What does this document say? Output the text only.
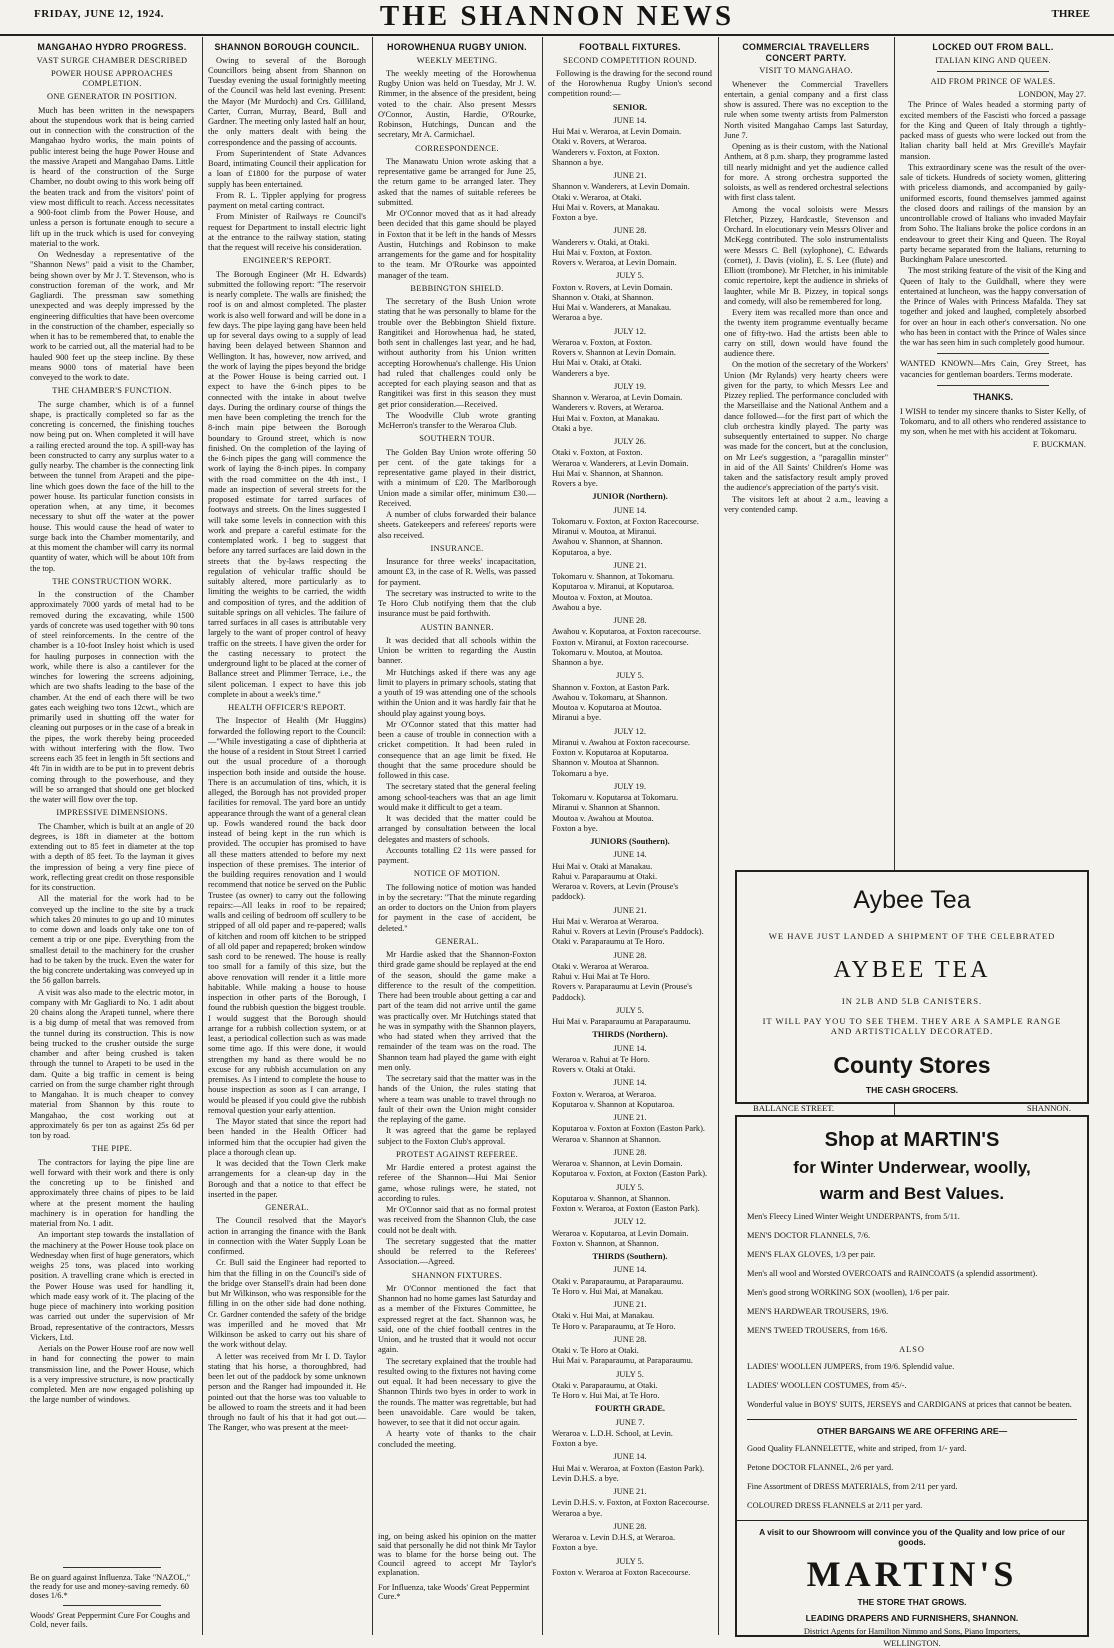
FRIDAY, JUNE 12, 1924.	THE SHANNON NEWS	THREE
MANGAHAO HYDRO PROGRESS.
VAST SURGE CHAMBER DESCRIBED
POWER HOUSE APPROACHES COMPLETION.
ONE GENERATOR IN POSITION.

Much has been written in the newspapers about the stupendous work that is being carried out in connection with the construction of the Mangahao hydro works, the main points of public interest being the huge Power House and the massive Arapeti and Mangahao Dams. Little is heard of the construction of the Surge Chamber, no doubt owing to this work being off the beaten track and from the visitors' point of view most difficult to reach. Access necessitates a 900-foot climb from the Power House, and unless a person is fortunate enough to secure a lift up in the truck which is used for conveying material to the work.

On Wednesday a representative of the "Shannon News" paid a visit to the Chamber, being shown over by Mr J. T. Stevenson, who is construction foreman of the work, and Mr Gagliardi. The pressman saw something unexpected and was deeply impressed by the engineering difficulties that have been overcome in the construction of the chamber, especially so when it has to be remembered that, to enable the work to be carried out, all the material had to be hauled 900 feet up the steep incline. By these means 9000 tons of material have been conveyed to the work to date.

THE CHAMBER'S FUNCTION.

The surge chamber, which is of a funnel shape, is practically completed so far as the concreting is concerned, the finishing touches now being put on. When completed it will have a railing erected around the top. A spill-way has been constructed to carry any surplus water to a gully nearby. The chamber is the connecting link between the tunnel from Arapeti and the pipe-line which goes down the face of the hill to the power house. Its particular function consists in operation when, at any time, it becomes necessary to shut off the water at the power house. This would cause the head of water to surge back into the Chamber momentarily, and at this moment the chamber will carry its normal quantity of water, which will be about 10ft from the top.

THE CONSTRUCTION WORK.

In the construction of the Chamber approximately 7000 yards of metal had to be removed during the excavating, while 1500 yards of concrete was used together with 90 tons of steel reinforcements. In the centre of the chamber is a 10-foot Insley hoist which is used for hauling purposes in connection with the work, while there is also a cantilever for the winches for lowering the screens adjoining, which are two shafts leading to the base of the chamber. At the end of each there will be two gates each weighing two tons 12cwt., which are primarily used in shutting off the water for cleaning out purposes or in the case of a break in the pipes, the work thereby being proceeded with without interfering with the flow. Two screens each 35 feet in length in 5ft sections and 4ft 7in in width are to be put in to prevent debris coming through to the powerhouse, and they will be so arranged that should one get blocked the water will flow over the top.

IMPRESSIVE DIMENSIONS.

The Chamber, which is built at an angle of 20 degrees, is 18ft in diameter at the bottom extending out to 85 feet in diameter at the top with a depth of 85 feet. To the layman it gives the impression of being a very fine piece of work, reflecting great credit on those responsible for its construction.

All the material for the work had to be conveyed up the incline to the site by a truck which takes 20 minutes to go up and 10 minutes to come down and loads only take one ton of cement a trip or one pipe. Everything from the smallest detail to the machinery for the crusher had to be taken by the truck. Even the water for the big concrete undertaking was conveyed up in the 56 gallon barrels.

A visit was also made to the electric motor, in company with Mr Gagliardi to No. 1 adit about 20 chains along the Arapeti tunnel, where there is a big dump of metal that was removed from the tunnel during its construction. This is now being trucked to the crusher outside the surge chamber and after being crushed is taken through the tunnel to Arapeti to be used in the dam. Quite a big traffic in cement is being carried on from the surge chamber right through to Mangahao. It is much cheaper to convey material from Shannon by this route to Mangahao, the cost working out at approximately 6s per ton as against 25s 6d per ton by road.

THE PIPE.

The contractors for laying the pipe line are well forward with their work and there is only the concreting up to be finished and approximately three chains of pipes to be laid where at the present moment the hauling machinery is in operation for handling the material from No. 1 adit.

An important step towards the installation of the machinery at the Power House took place on Wednesday when first of huge generators, which weighs 25 tons, was placed into working position. A travelling crane which is erected in the Power House was used for handling it, which made easy work of it. The placing of the huge piece of machinery into working position was carried out under the supervision of Mr Broad, representative of the contractors, Messrs Vickers, Ltd.

Aerials on the Power House roof are now well in hand for connecting the power to main transmission line, and the Power House, which is a very impressive structure, is now practically completed. Men are now engaged polishing up the large number of windows.

Be on guard against Influenza. Take "NAZOL," the ready for use and money-saving remedy. 60 doses 1/6.*
Woods' Great Peppermint Cure For Coughs and Cold, never fails.
SHANNON BOROUGH COUNCIL.

Owing to several of the Borough Councillors being absent from Shannon on Tuesday evening the usual fortnightly meeting of the Council was held last evening. Present: the Mayor (Mr Murdoch) and Crs. Gilliland, Carter, Curran, Murray, Beard, Bull and Gardner. The meeting only lasted half an hour, the only matters dealt with being the correspondence and the passing of accounts.

From Superintendent of State Advances Board, intimating Council their application for a loan of £1800 for the purpose of water supply has been entertained.

From R. L. Tippler applying for progress payment on metal carting contract.

From Minister of Railways re Council's request for Department to install electric light at the entrance to the railway station, stating that the request will receive his consideration.

ENGINEER'S REPORT.

The Borough Engineer (Mr H. Edwards) submitted the following report: "The reservoir is nearly complete. The walls are finished; the roof is on and almost completed. The plaster work is also well forward and will be done in a few days. The pipe laying gang have been held up for several days owing to a supply of lead having been delayed between Shannon and Wellington. It has, however, now arrived, and the work of laying the pipes beyond the bridge at the Power House is being carried out. I expect to have the 6-inch pipes to be connected with the intake in about twelve days. During the ordinary course of things the men have been completing the trench for the 8-inch main pipe between the Borough boundary to Ground street, which is now finished. On the completion of the laying of the 6-inch pipes the gang will commence the work of laying the 8-inch pipes. In company with the road committee on the 4th inst., I made an inspection of several streets for the proposed estimate for tarred surfaces of footways and streets. On the lines suggested I will take some levels in connection with this work and prepare a careful estimate for the contemplated work. I beg to suggest that before any tarred surfaces are laid down in the streets that the by-laws respecting the regulation of vehicular traffic should be suitably altered, more particularly as to limiting the weights to be carried, the width and composition of tyres, and the addition of suitable springs on all vehicles. The failure of tarred surfaces in all cases is attributable very largely to the want of proper control of heavy traffic on the streets. I have given the order for the casting necessary to protect the underground light to be placed at the corner of Ballance street and Plimmer Terrace, i.e., the silent policeman. I expect to have this job complete in about a week's time."

HEALTH OFFICER'S REPORT.

The Inspector of Health (Mr Huggins) forwarded the following report to the Council:—"While investigating a case of diphtheria at the house of a resident in Stout Street I carried out the usual procedure of a thorough inspection both inside and outside the house. There is an accumulation of tins, which, it is alleged, the Borough has not provided proper facilities for removal. The yard bore an untidy appearance through the want of a general clean up. Fowls wandered round the back door instead of being kept in the run which is provided. The occupier has promised to have all these matters attended to before my next inspection of these premises. The interior of the building requires renovation and I would recommend that notice be served on the Public Trustee (as owner) to carry out the following repairs:—All leaks in roof to be repaired; walls and ceiling of bedroom off scullery to be stripped of all old paper and re-papered; walls of kitchen and room off kitchen to be stripped of all old paper and repapered; broken window sash cord to be renewed. The house is really too small for a family of this size, but the above renovation will render it a little more habitable. While making a house to house inspection in other parts of the Borough, I found the rubbish question the biggest trouble. I would suggest that the Borough should arrange for a rubbish collection system, or at least, a periodical collection such as was made some time ago. If this were done, it would strengthen my hand as there would be no excuse for any rubbish accumulation on any premises. As I intend to complete the house to house inspection as soon as I can arrange, I would be pleased if you could give the rubbish removal question your early attention.

The Mayor stated that since the report had been handed in the Health Officer had informed him that the occupier had given the place a thorough clean up.

It was decided that the Town Clerk make arrangements for a clean-up day in the Borough and that a notice to that effect be inserted in the paper.

GENERAL.

The Council resolved that the Mayor's action in arranging the finance with the Bank in connection with the Water Supply Loan be confirmed.

Cr. Bull said the Engineer had reported to him that the filling in on the Council's side of the bridge over Stansell's drain had been done but Mr Wilkinson, who was responsible for the filling in on the other side had done nothing. Cr. Gardner contended the safety of the bridge was imperilled and he moved that Mr Wilkinson be asked to carry out his share of the work without delay.

A letter was received from Mr I. D. Taylor stating that his horse, a thoroughbred, had been let out of the paddock by some unknown person and the Ranger had impounded it. He pointed out that the horse was too valuable to be allowed to roam the streets and it had been through no fault of his that it had got out.—The Ranger, who was present at the meet-

HOROWHENUA RUGBY UNION.
WEEKLY MEETING.

The weekly meeting of the Horowhenua Rugby Union was held on Tuesday, Mr J. W. Rimmer, in the absence of the president, being voted to the chair. Also present Messrs O'Connor, Austin, Hardie, O'Rourke, Robinson, Hutchings, Duncan and the secretary, Mr A. Carmichael.

CORRESPONDENCE.

The Manawatu Union wrote asking that a representative game be arranged for June 25, the return game to be arranged later. They asked that the names of suitable referees be submitted.

Mr O'Connor moved that as it had already been decided that this game should be played in Foxton that it be left in the hands of Messrs Austin, Hutchings and Robinson to make arrangements for the game and for hospitality to the team. Mr O'Rourke was appointed manager of the team.

BEBBINGTON SHIELD.

The secretary of the Bush Union wrote stating that he was personally to blame for the trouble over the Bebbington Shield fixture. Rangitikei and Horowhenua had, he stated, both sent in challenges last year, and he had, without authority from his Union written accepting Horowhenua's challenge. His Union had ruled that challenges could only be accepted for each playing season and that as Rangitikei was first in this season they must get prior consideration.—Received.

The Woodville Club wrote granting McHerron's transfer to the Weraroa Club.

SOUTHERN TOUR.

The Golden Bay Union wrote offering 50 per cent. of the gate takings for a representative game played in their district, with a minimum of £20. The Marlborough Union made a similar offer, minimum £30.—Received.

A number of clubs forwarded their balance sheets. Gatekeepers and referees' reports were also received.

INSURANCE.

Insurance for three weeks' incapacitation, amount £3, in the case of R. Wells, was passed for payment.

The secretary was instructed to write to the Te Horo Club notifying them that the club insurance must be paid forthwith.

AUSTIN BANNER.

It was decided that all schools within the Union be written to regarding the Austin banner.

Mr Hutchings asked if there was any age limit to players in primary schools, stating that a youth of 19 was attending one of the schools within the Union and it was hardly fair that he should play against young boys.

Mr O'Connor stated that this matter had been a cause of trouble in connection with a cricket competition. It had been ruled in consequence that an age limit be fixed. He thought that the same procedure should be followed in this case.

The secretary stated that the general feeling among school-teachers was that an age limit would make it difficult to get a team.

It was decided that the matter could be arranged by consultation between the local delegates and masters of schools.

Accounts totalling £2 11s were passed for payment.

NOTICE OF MOTION.

The following notice of motion was handed in by the secretary: "That the minute regarding an order to doctors on the Union from players for payment in the case of accident, be deleted."

GENERAL.

Mr Hardie asked that the Shannon-Foxton third grade game should be replayed at the end of the season, should the game make a difference to the result of the competition. There had been trouble about getting a car and part of the team did not arrive until the game was practically over. Mr Hutchings stated that he was in sympathy with the Shannon players, who had stated when they arrived that the remainder of the team was on the road. The Shannon team had played the game with eight men only.

The secretary said that the matter was in the hands of the Union, the rules stating that where a team was unable to travel through no fault of their own the Union might consider the replaying of the game.

It was agreed that the game be replayed subject to the Foxton Club's approval.

PROTEST AGAINST REFEREE.

Mr Hardie entered a protest against the referee of the Shannon—Hui Mai Senior game, whose rulings were, he stated, not according to rules.

Mr O'Connor said that as no formal protest was received from the Shannon Club, the case could not be dealt with.

The secretary suggested that the matter should be referred to the Referees' Association.—Agreed.

SHANNON FIXTURES.

Mr O'Connor mentioned the fact that Shannon had no home games last Saturday and as a member of the Fixtures Committee, he expressed regret at the fact. Shannon was, he said, one of the chief football centres in the Union, and he trusted that it would not occur again.

The secretary explained that the trouble had resulted owing to the fixtures not having come out equal. It had been necessary to give the Shannon Thirds two byes in order to work in the rounds. The matter was regrettable, but had been unavoidable. Care would be taken, however, to see that it did not occur again.

A hearty vote of thanks to the chair concluded the meeting.

ing, on being asked his opinion on the matter said that personally he did not think Mr Taylor was to blame for the horse being out. The Council agreed to accept Mr Taylor's explanation.
For Influenza, take Woods' Great Peppermint Cure.*
FOOTBALL FIXTURES.
SECOND COMPETITION ROUND.

Following is the drawing for the second round of the Horowhenua Rugby Union's second competition round:—

SENIOR.
JUNE 14.
Hui Mai v. Weraroa, at Levin Domain.
Otaki v. Rovers, at Weraroa.
Wanderers v. Foxton, at Foxton.
Shannon a bye.
JUNE 21.
Shannon v. Wanderers, at Levin Domain.
Otaki v. Weraroa, at Otaki.
Hui Mai v. Rovers, at Manakau.
Foxton a bye.
JUNE 28.
Wanderers v. Otaki, at Otaki.
Hui Mai v. Foxton, at Foxton.
Rovers v. Weraroa, at Levin Domain.
JULY 5.
Foxton v. Rovers, at Levin Domain.
Shannon v. Otaki, at Shannon.
Hui Mai v. Wanderers, at Manakau.
Weraroa a bye.
JULY 12.
Weraroa v. Foxton, at Foxton.
Rovers v. Shannon at Levin Domain.
Hui Mai v. Otaki, at Otaki.
Wanderers a bye.
JULY 19.
Shannon v. Weraroa, at Levin Domain.
Wanderers v. Rovers, at Weraroa.
Hui Mai v. Foxton, at Manakau.
Otaki a bye.
JULY 26.
Otaki v. Foxton, at Foxton.
Weraroa v. Wanderers, at Levin Domain.
Hui Mai v. Shannon, at Shannon.
Rovers a bye.
JUNIOR (Northern).
JUNE 14.
Tokomaru v. Foxton, at Foxton Racecourse.
Miranui v. Moutoa, at Miranui.
Awahou v. Shannon, at Shannon.
Koputaroa, a bye.
JUNE 21.
Tokomaru v. Shannon, at Tokomaru.
Koputaroa v. Miranui, at Koputaroa.
Moutoa v. Foxton, at Moutoa.
Awahou a bye.
JUNE 28.
Awahou v. Koputaroa, at Foxton racecourse.
Foxton v. Miranui, at Foxton racecourse.
Tokomaru v. Moutoa, at Moutoa.
Shannon a bye.
JULY 5.
Shannon v. Foxton, at Easton Park.
Awahou v. Tokomaru, at Shannon.
Moutoa v. Koputaroa at Moutoa.
Miranui a bye.
JULY 12.
Miranui v. Awahou at Foxton racecourse.
Foxton v. Koputaroa at Koputaroa.
Shannon v. Moutoa at Shannon.
Tokomaru a bye.
JULY 19.
Tokomaru v. Koputaroa at Tokomaru.
Miranui v. Shannon at Shannon.
Moutoa v. Awahou at Moutoa.
Foxton a bye.
JUNIORS (Southern).
JUNE 14.
Hui Mai v. Otaki at Manakau.
Rahui v. Paraparaumu at Otaki.
Weraroa v. Rovers, at Levin (Prouse's paddock).
JUNE 21.
Hui Mai v. Weraroa at Weraroa.
Rahui v. Rovers at Levin (Prouse's Paddock).
Otaki v. Paraparaumu at Te Horo.
JUNE 28.
Otaki v. Weraroa at Weraroa.
Rahui v. Hui Mai at Te Horo.
Rovers v. Paraparaumu at Levin (Prouse's Paddock).
JULY 5.
Hui Mai v. Paraparaumu at Paraparaumu.
THIRDS (Northern).
JUNE 14.
Weraroa v. Rahui at Te Horo.
Rovers v. Otaki at Otaki.
JUNE 14.
Foxton v. Weraroa, at Weraroa.
Koputaroa v. Shannon at Koputaroa.
JUNE 21.
Koputaroa v. Foxton at Foxton (Easton Park).
Weraroa v. Shannon at Shannon.
JUNE 28.
Weraroa v. Shannon, at Levin Domain.
Koputaroa v. Foxton, at Foxton (Easton Park).
JULY 5.
Koputaroa v. Shannon, at Shannon.
Foxton v. Weraroa, at Foxton (Easton Park).
JULY 12.
Weraroa v. Koputaroa, at Levin Domain.
Foxton v. Shannon, at Shannon.
THIRDS (Southern).
JUNE 14.
Otaki v. Paraparaumu, at Paraparaumu.
Te Horo v. Hui Mai, at Manakau.
JUNE 21.
Otaki v. Hui Mai, at Manakau.
Te Horo v. Paraparaumu, at Te Horo.
JUNE 28.
Otaki v. Te Horo at Otaki.
Hui Mai v. Paraparaumu, at Paraparaumu.
JULY 5.
Otaki v. Paraparaumu, at Otaki.
Te Horo v. Hui Mai, at Te Horo.
FOURTH GRADE.
JUNE 7.
Weraroa v. L.D.H. School, at Levin.
Foxton a bye.
JUNE 14.
Hui Mai v. Weraroa, at Foxton (Easton Park).
Levin D.H.S. a bye.
JUNE 21.
Levin D.H.S. v. Foxton, at Foxton Racecourse.
Weraroa a bye.
JUNE 28.
Weraroa v. Levin D.H.S, at Weraroa.
Foxton a bye.
JULY 5.
Foxton v. Weraroa at Foxton Racecourse.
COMMERCIAL TRAVELLERS CONCERT PARTY.
VISIT TO MANGAHAO.

Whenever the Commercial Travellers entertain, a genial company and a first class show is assured. There was no exception to the rule when some twenty artists from Palmerston North visited Mangahao Camps last Saturday, June 7.

Opening as is their custom, with the National Anthem, at 8 p.m. sharp, they programme lasted till nearly midnight and yet the audience called for more. A strong orchestra supported the soloists, as well as rendered orchestral selections with first class talent.

Among the vocal soloists were Messrs Fletcher, Pizzey, Hardcastle, Stevenson and Orchard. In elocutionary vein Messrs Oliver and McKegg contributed. The solo instrumentalists were Messrs C. Bell (xylophone), C. Edwards (cornet), J. Davis (violin), E. S. Lee (flute) and Elliott (trombone). Mr Fletcher, in his inimitable comic repertoire, kept the audience in shrieks of laughter, while Mr B. Pizzey, in topical songs and comedy, will also be remembered for long.

Every item was recalled more than once and the twenty item programme eventually became one of fifty-two. Had the artists been able to carry on still, down would have found the audience there.

On the motion of the secretary of the Workers' Union (Mr Rylands) very hearty cheers were given for the party, to which Messrs Lee and Pizzey replied. The performance concluded with the Marseillaise and the National Anthem and a dance followed—for the first part of which the club orchestra kindly played. The party was subsequently entertained to supper. No charge was made for the concert, but at the conclusion, on Mr Lee's suggestion, a "paragallin minster" in aid of the All Saints' Children's Home was taken and the satisfactory result amply proved the audience's appreciation of the party's visit.

The visitors left at about 2 a.m., leaving a very contended camp.

LOCKED OUT FROM BALL.
ITALIAN KING AND QUEEN.
AID FROM PRINCE OF WALES.
LONDON, May 27.

The Prince of Wales headed a storming party of excited members of the Fascisti who forced a passage for the King and Queen of Italy through a tightly-packed mass of guests who were locked out from the Italian charity ball held at Mrs Greville's Mayfair mansion.

This extraordinary scene was the result of the over-sale of tickets. Hundreds of society women, glittering with priceless diamonds, and accompanied by gaily-uniformed escorts, found themselves jammed against the closed doors and railings of the mansion by an uncontrollable crowd of Italians who invaded Mayfair from Soho. The Italians broke the police cordons in an endeavour to greet their King and Queen. The Royal party became separated from the Italians, returning to Buckingham Palace unescorted.

The most striking feature of the visit of the King and Queen of Italy to the Guildhall, where they were entertained at luncheon, was the happy conversation of the Prince of Wales with Princess Mafalda. They sat together and joked and laughed, completely absorbed for over an hour in each other's conversation. No one who has been in contact with the Prince of Wales since the war has seen him in such completely good humour.

WANTED KNOWN—Mrs Cain, Grey Street, has vacancies for gentleman boarders. Terms moderate.
THANKS.
I WISH to tender my sincere thanks to Sister Kelly, of Tokomaru, and to all others who rendered assistance to my son, when he met with his accident at Tokomaru.
F. BUCKMAN.
Aybee Tea
WE HAVE JUST LANDED A SHIPMENT OF THE CELEBRATED
AYBEE TEA
IN 2LB AND 5LB CANISTERS.
IT WILL PAY YOU TO SEE THEM. THEY ARE A SAMPLE RANGE AND ARTISTICALLY DECORATED.
County Stores
THE CASH GROCERS.
BALLANCE STREET.	SHANNON.
Shop at MARTIN'S
for Winter Underwear, woolly,
warm and Best Values.
Men's Fleecy Lined Winter Weight UNDERPANTS, from 5/11.
MEN'S DOCTOR FLANNELS, 7/6.
MEN'S FLAX GLOVES, 1/3 per pair.
Men's all wool and Worsted OVERCOATS and RAINCOATS (a splendid assortment).
Men's good strong WORKING SOX (woollen), 1/6 per pair.
MEN'S HARDWEAR TROUSERS, 19/6.
MEN'S TWEED TROUSERS, from 16/6.
ALSO
LADIES' WOOLLEN JUMPERS, from 19/6. Splendid value.
LADIES' WOOLLEN COSTUMES, from 45/-.
Wonderful value in BOYS' SUITS, JERSEYS and CARDIGANS at prices that cannot be beaten.
OTHER BARGAINS WE ARE OFFERING ARE—
Good Quality FLANNELETTE, white and striped, from 1/- yard.
Petone DOCTOR FLANNEL, 2/6 per yard.
Fine Assortment of DRESS MATERIALS, from 2/11 per yard.
COLOURED DRESS FLANNELS at 2/11 per yard.
A visit to our Showroom will convince you of the Quality and low price of our goods.
MARTIN'S
THE STORE THAT GROWS.
LEADING DRAPERS AND FURNISHERS, SHANNON.
District Agents for Hamilton Nimmo and Sons, Piano Importers,
WELLINGTON.
